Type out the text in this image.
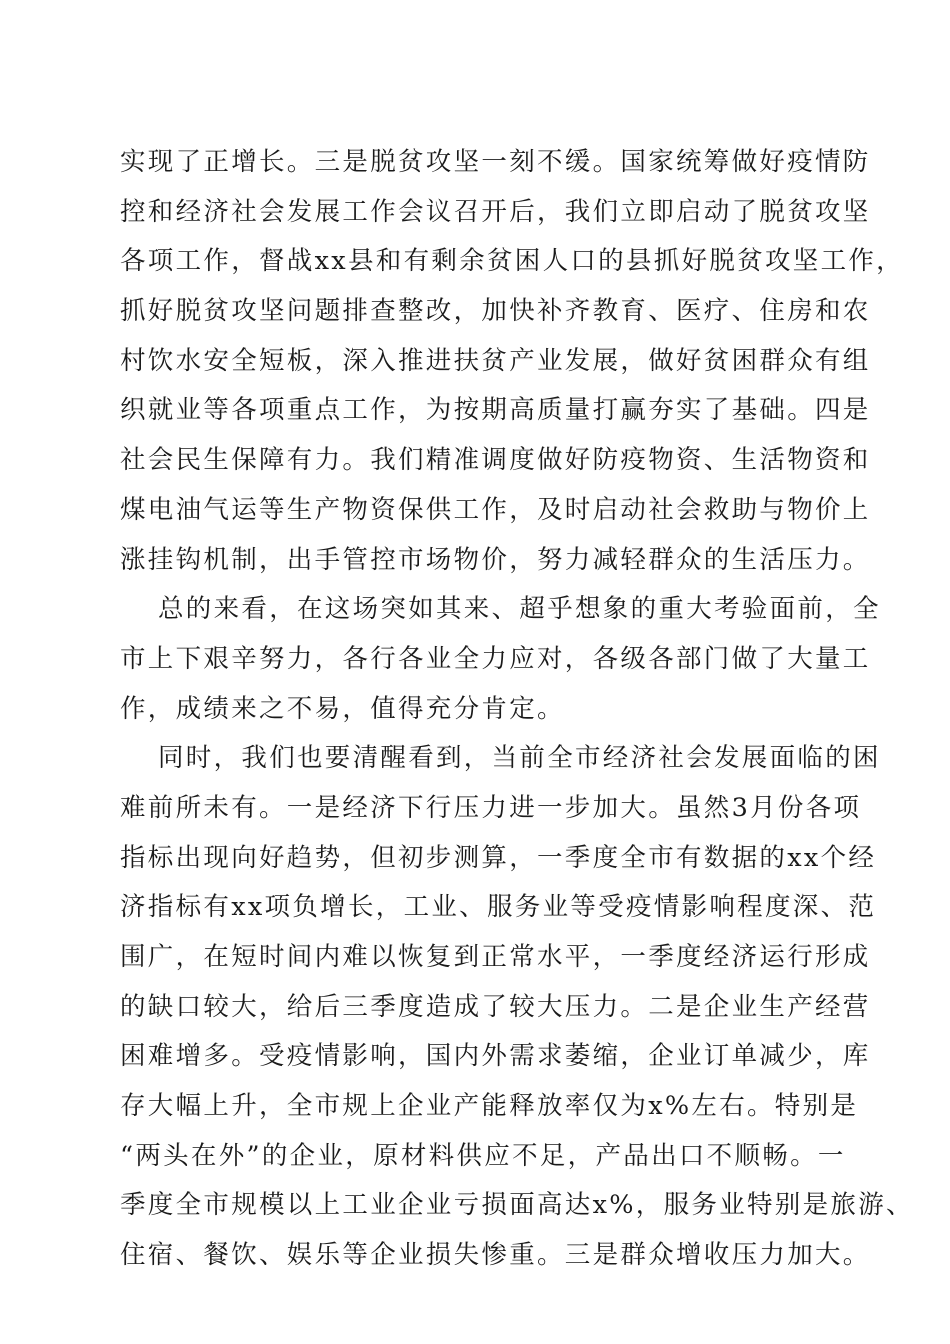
实现了正增长。三是脱贫攻坚一刻不缓。国家统筹做好疫情防
控和经济社会发展工作会议召开后，我们立即启动了脱贫攻坚
各项工作，督战xx县和有剩余贫困人口的县抓好脱贫攻坚工作，
抓好脱贫攻坚问题排查整改，加快补齐教育、医疗、住房和农
村饮水安全短板，深入推进扶贫产业发展，做好贫困群众有组
织就业等各项重点工作，为按期高质量打赢夯实了基础。四是
社会民生保障有力。我们精准调度做好防疫物资、生活物资和
煤电油气运等生产物资保供工作，及时启动社会救助与物价上
涨挂钩机制，出手管控市场物价，努力减轻群众的生活压力。
总的来看，在这场突如其来、超乎想象的重大考验面前，全
市上下艰辛努力，各行各业全力应对，各级各部门做了大量工
作，成绩来之不易，值得充分肯定。
同时，我们也要清醒看到，当前全市经济社会发展面临的困
难前所未有。一是经济下行压力进一步加大。虽然3月份各项
指标出现向好趋势，但初步测算，一季度全市有数据的xx个经
济指标有xx项负增长，工业、服务业等受疫情影响程度深、范
围广，在短时间内难以恢复到正常水平，一季度经济运行形成
的缺口较大，给后三季度造成了较大压力。二是企业生产经营
困难增多。受疫情影响，国内外需求萎缩，企业订单减少，库
存大幅上升，全市规上企业产能释放率仅为x%左右。特别是
“两头在外”的企业，原材料供应不足，产品出口不顺畅。一
季度全市规模以上工业企业亏损面高达x%，服务业特别是旅游、
住宿、餐饮、娱乐等企业损失惨重。三是群众增收压力加大。
